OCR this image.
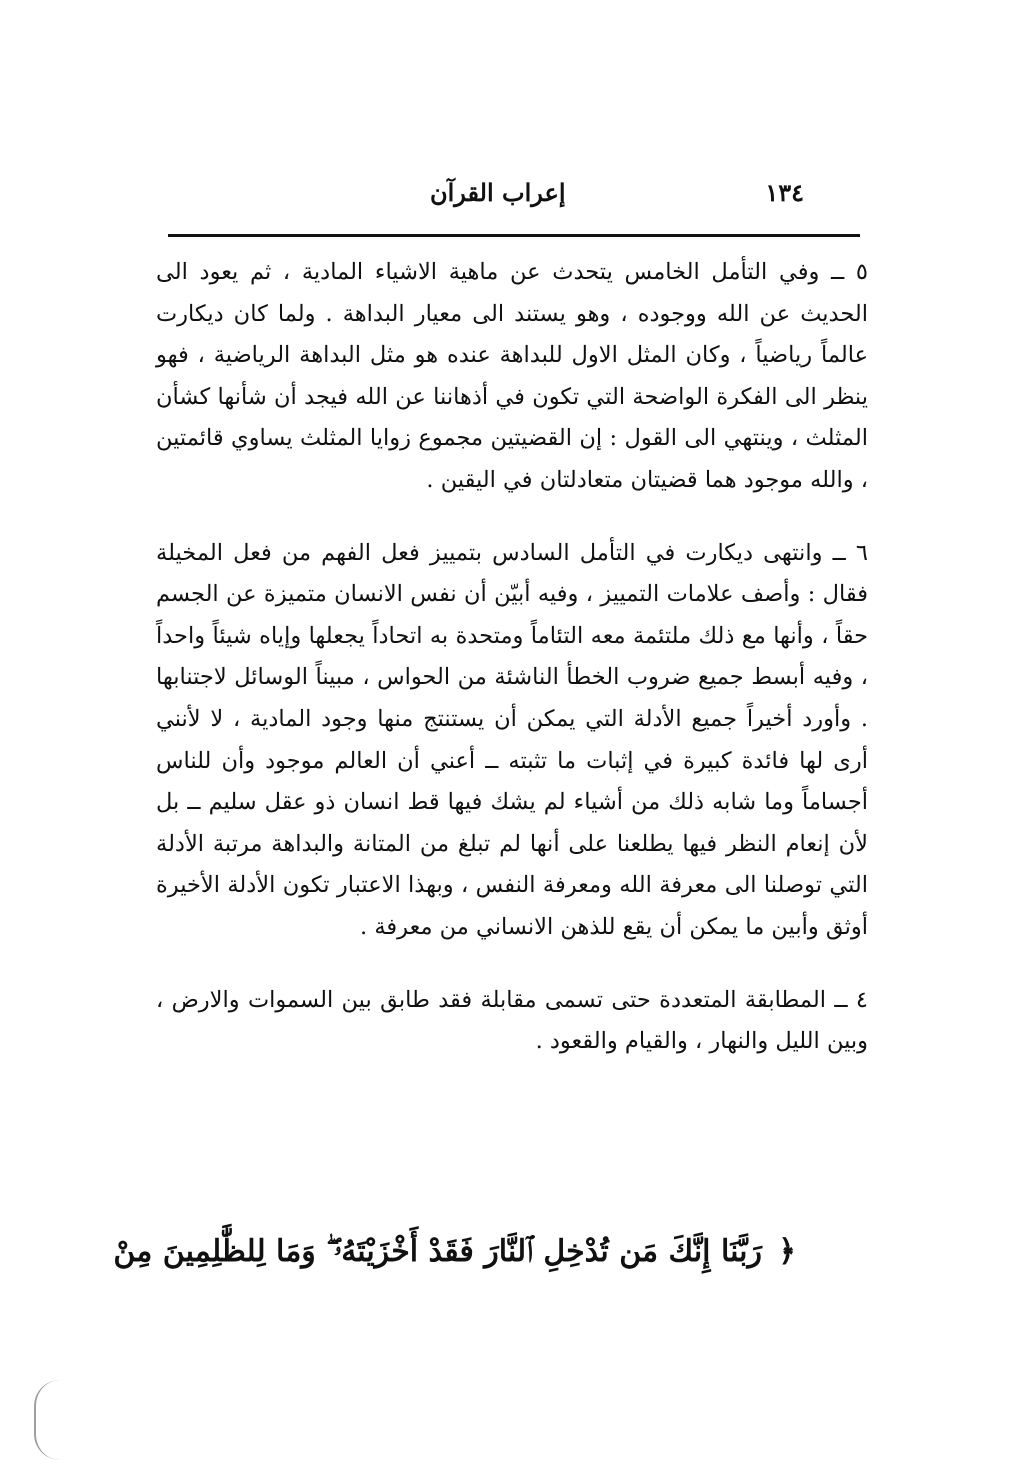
١٣٤
إعراب القرآن

٥ ــ وفي التأمل الخامس يتحدث عن ماهية الاشياء المادية ، ثم يعود الى الحديث عن الله ووجوده ، وهو يستند الى معيار البداهة . ولما كان ديكارت عالماً رياضياً ، وكان المثل الاول للبداهة عنده هو مثل البداهة الرياضية ، فهو ينظر الى الفكرة الواضحة التي تكون في أذهاننا عن الله فيجد أن شأنها كشأن المثلث ، وينتهي الى القول : إن القضيتين مجموع زوايا المثلث يساوي قائمتين ، والله موجود هما قضيتان متعادلتان في اليقين .

٦ ــ وانتهى ديكارت في التأمل السادس بتمييز فعل الفهم من فعل المخيلة فقال : وأصف علامات التمييز ، وفيه أبيّن أن نفس الانسان متميزة عن الجسم حقاً ، وأنها مع ذلك ملتئمة معه التئاماً ومتحدة به اتحاداً يجعلها وإياه شيئاً واحداً ، وفيه أبسط جميع ضروب الخطأ الناشئة من الحواس ، مبيناً الوسائل لاجتنابها . وأورد أخيراً جميع الأدلة التي يمكن أن يستنتج منها وجود المادية ، لا لأنني أرى لها فائدة كبيرة في إثبات ما تثبته ــ أعني أن العالم موجود وأن للناس أجساماً وما شابه ذلك من أشياء لم يشك فيها قط انسان ذو عقل سليم ــ بل لأن إنعام النظر فيها يطلعنا على أنها لم تبلغ من المتانة والبداهة مرتبة الأدلة التي توصلنا الى معرفة الله ومعرفة النفس ، وبهذا الاعتبار تكون الأدلة الأخيرة أوثق وأبين ما يمكن أن يقع للذهن الانساني من معرفة .

٤ ــ المطابقة المتعددة حتى تسمى مقابلة فقد طابق بين السموات والارض ، وبين الليل والنهار ، والقيام والقعود .

﴿
رَبَّنَا إِنَّكَ مَن تُدْخِلِ ٱلنَّارَ فَقَدْ أَخْزَيْتَهُۥ ۖ وَمَا لِلظَّٰلِمِينَ مِنْ
